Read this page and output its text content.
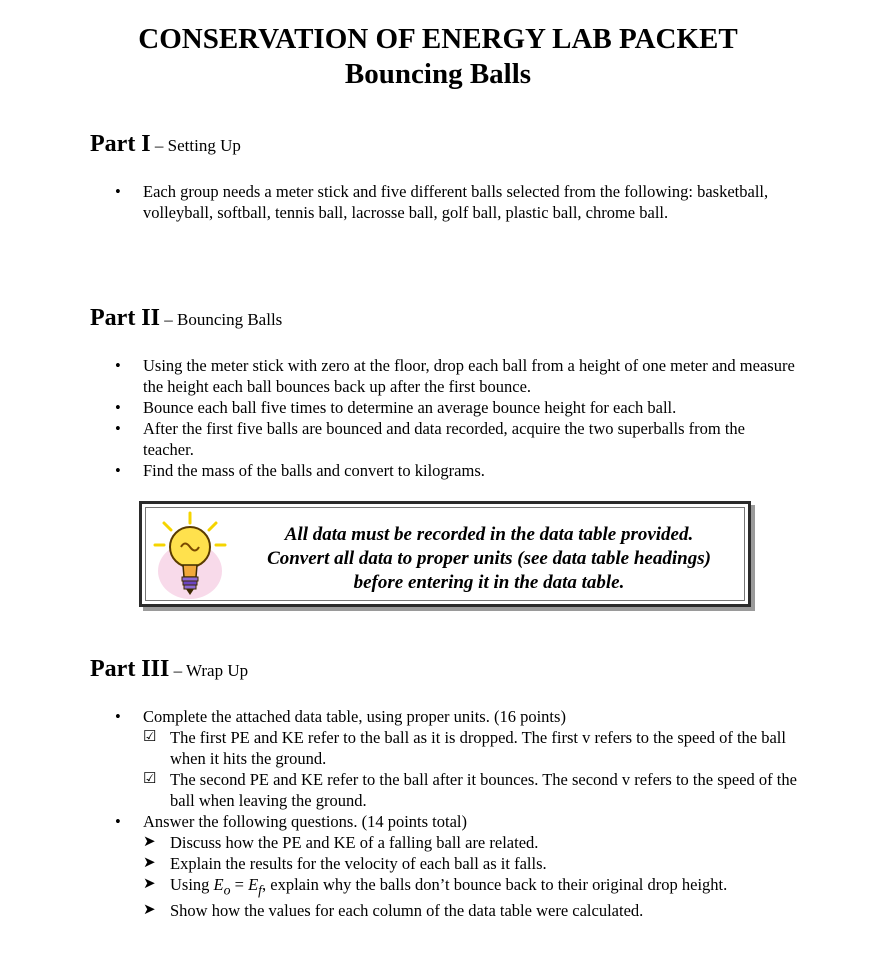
CONSERVATION OF ENERGY LAB PACKET
Bouncing Balls
Part I – Setting Up
• Each group needs a meter stick and five different balls selected from the following: basketball, volleyball, softball, tennis ball, lacrosse ball, golf ball, plastic ball, chrome ball.
Part II – Bouncing Balls
• Using the meter stick with zero at the floor, drop each ball from a height of one meter and measure the height each ball bounces back up after the first bounce.
• Bounce each ball five times to determine an average bounce height for each ball.
• After the first five balls are bounced and data recorded, acquire the two superballs from the teacher.
• Find the mass of the balls and convert to kilograms.
All data must be recorded in the data table provided.
Convert all data to proper units (see data table headings)
before entering it in the data table.
Part III – Wrap Up
• Complete the attached data table, using proper units. (16 points)
☑ The first PE and KE refer to the ball as it is dropped. The first v refers to the speed of the ball when it hits the ground.
☑ The second PE and KE refer to the ball after it bounces. The second v refers to the speed of the ball when leaving the ground.
• Answer the following questions. (14 points total)
➤ Discuss how the PE and KE of a falling ball are related.
➤ Explain the results for the velocity of each ball as it falls.
➤ Using $E_o = E_f$, explain why the balls don’t bounce back to their original drop height.
➤ Show how the values for each column of the data table were calculated.
